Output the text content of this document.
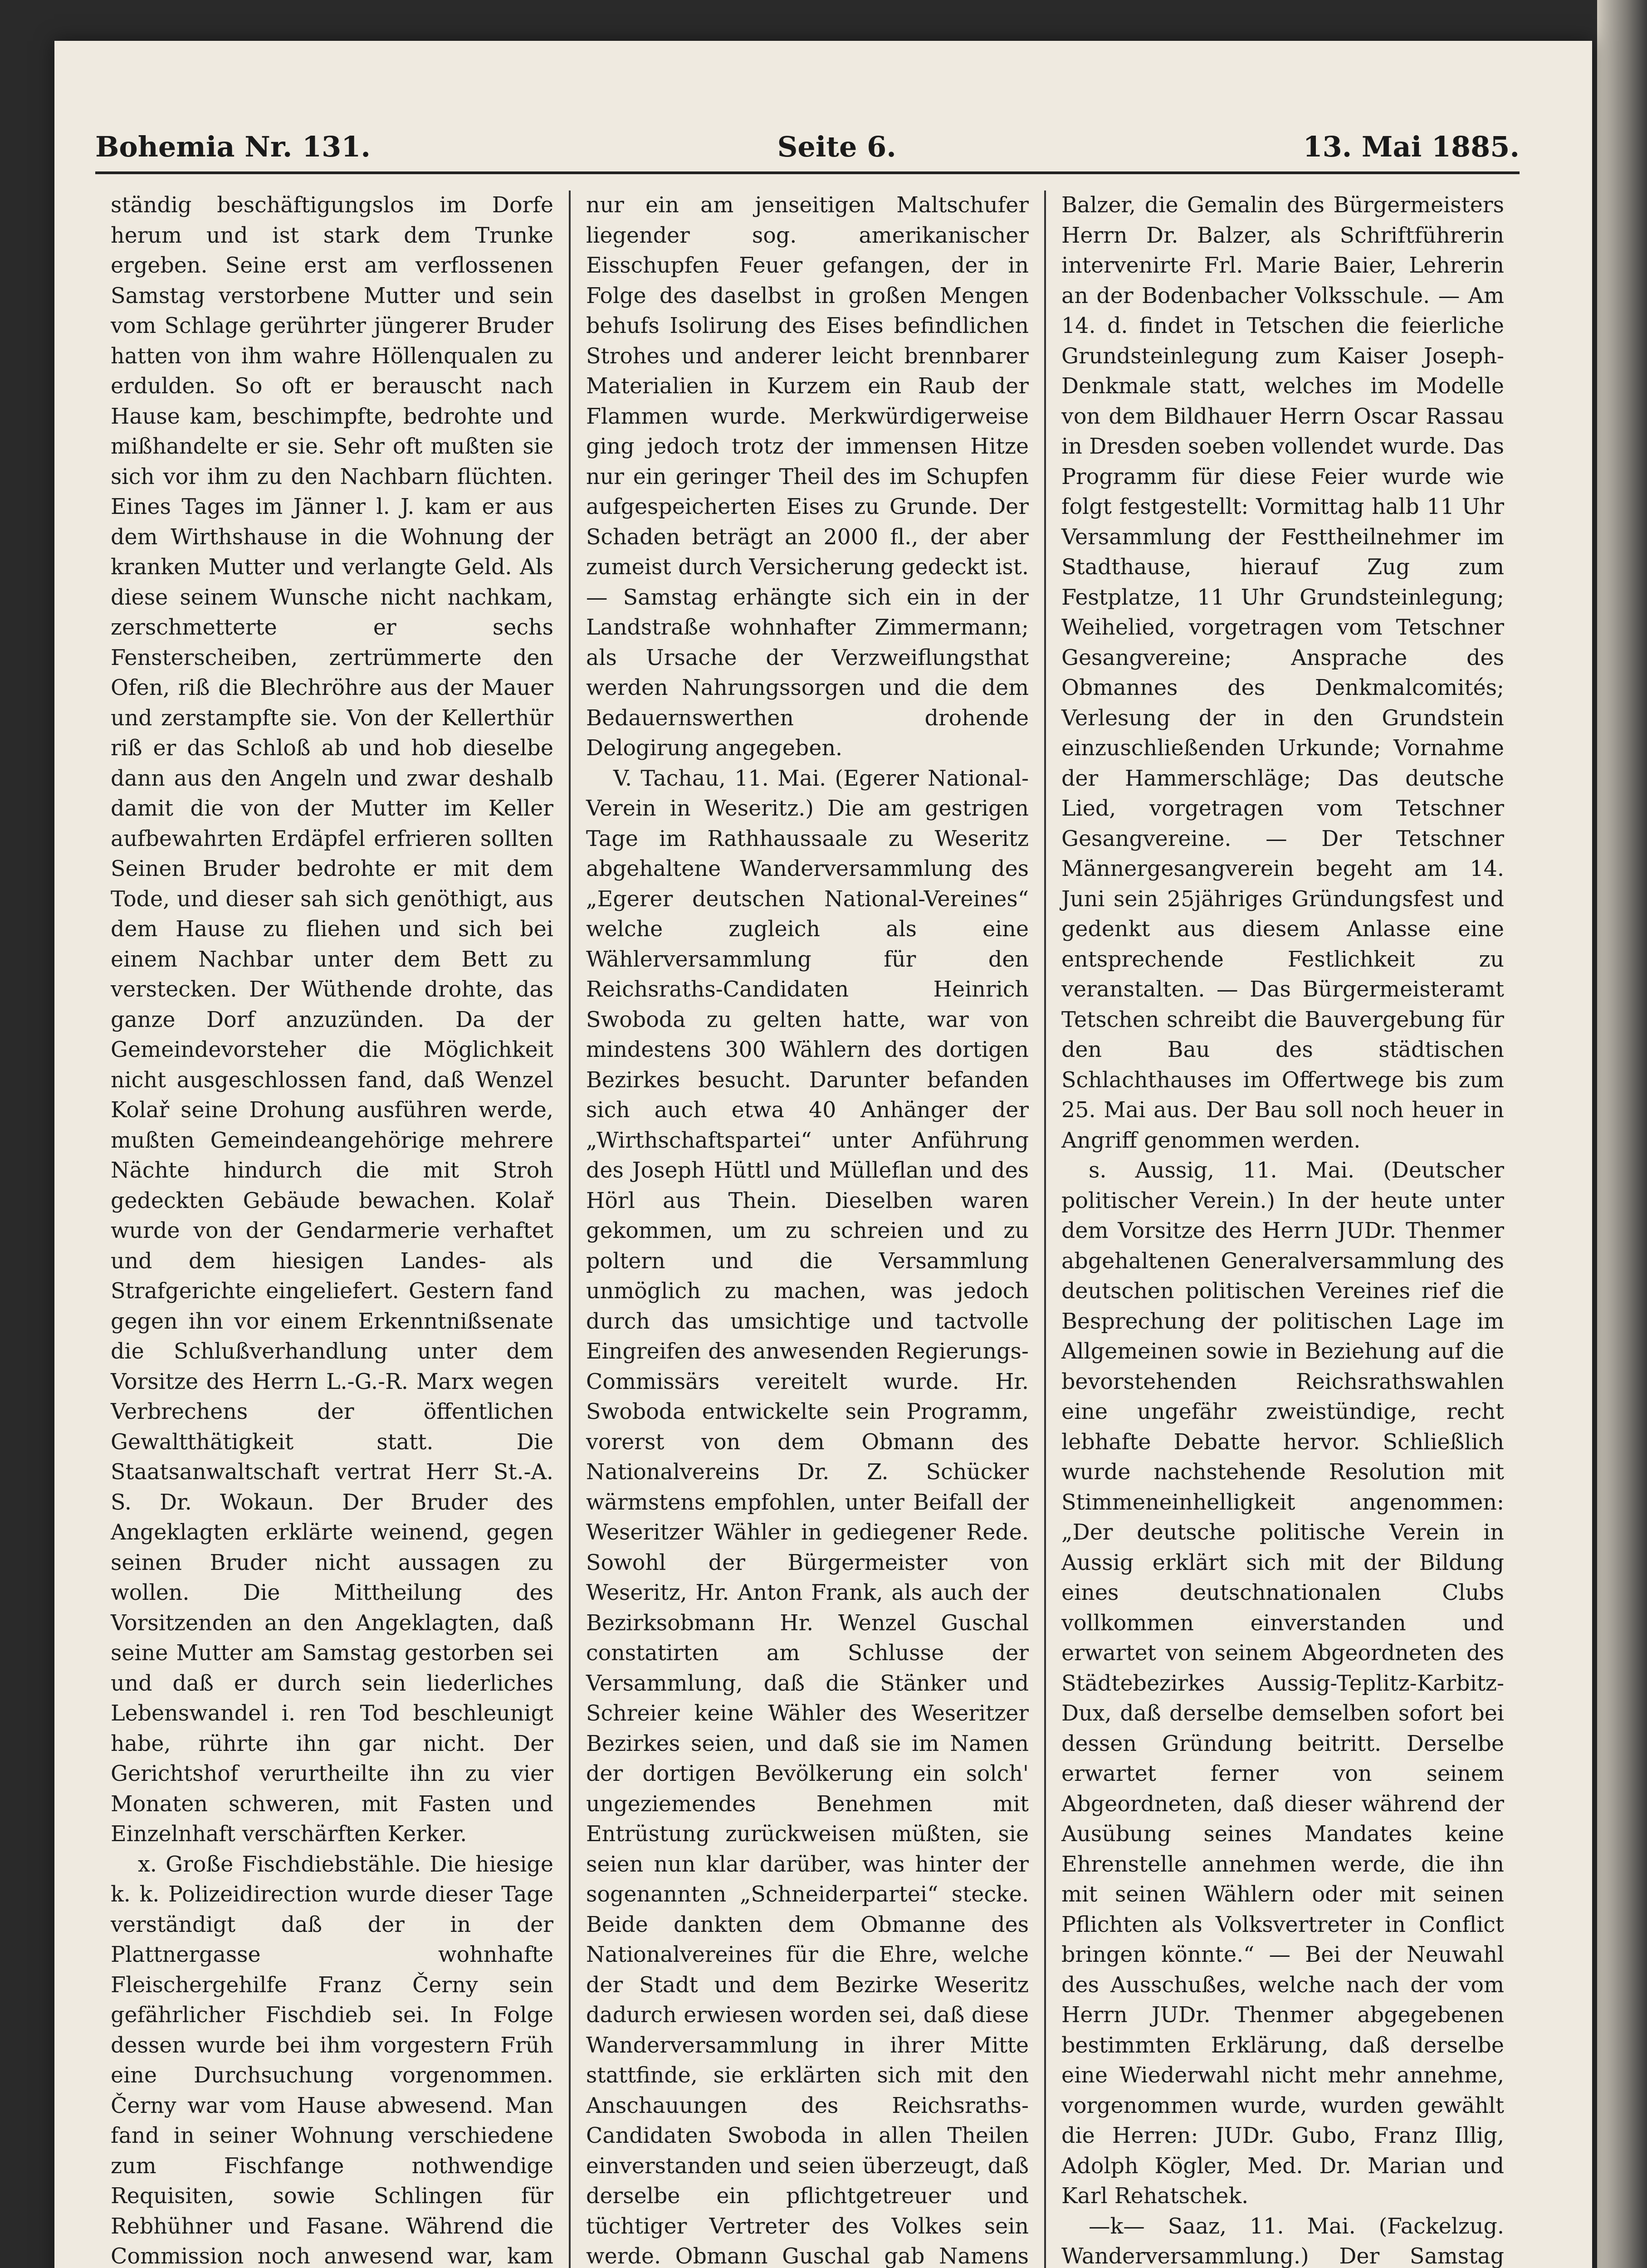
Bohemia Nr. 131.	Seite 6.	13. Mai 1885.

ständig beschäftigungslos im Dorfe herum und ist stark dem Trunke ergeben. Seine erst am verflossenen Samstag verstorbene Mutter und sein vom Schlage gerührter jüngerer Bruder hatten von ihm wahre Höllenqualen zu erdulden. So oft er berauscht nach Hause kam, beschimpfte, bedrohte und mißhandelte er sie. Sehr oft mußten sie sich vor ihm zu den Nachbarn flüchten. Eines Tages im Jänner l. J. kam er aus dem Wirthshause in die Wohnung der kranken Mutter und verlangte Geld. Als diese seinem Wunsche nicht nachkam, zerschmetterte er sechs Fensterscheiben, zertrümmerte den Ofen, riß die Blechröhre aus der Mauer und zerstampfte sie. Von der Kellerthür riß er das Schloß ab und hob dieselbe dann aus den Angeln und zwar deshalb damit die von der Mutter im Keller aufbewahrten Erdäpfel erfrieren sollten Seinen Bruder bedrohte er mit dem Tode, und dieser sah sich genöthigt, aus dem Hause zu fliehen und sich bei einem Nachbar unter dem Bett zu verstecken. Der Wüthende drohte, das ganze Dorf anzuzünden. Da der Gemeindevorsteher die Möglichkeit nicht ausgeschlossen fand, daß Wenzel Kolař seine Drohung ausführen werde, mußten Gemeindeangehörige mehrere Nächte hindurch die mit Stroh gedeckten Gebäude bewachen. Kolař wurde von der Gendarmerie verhaftet und dem hiesigen Landes- als Strafgerichte eingeliefert. Gestern fand gegen ihn vor einem Erkenntnißsenate die Schlußverhandlung unter dem Vorsitze des Herrn L.-G.-R. Marx wegen Verbrechens der öffentlichen Gewaltthätigkeit statt. Die Staatsanwaltschaft vertrat Herr St.-A. S. Dr. Wokaun. Der Bruder des Angeklagten erklärte weinend, gegen seinen Bruder nicht aussagen zu wollen. Die Mittheilung des Vorsitzenden an den Angeklagten, daß seine Mutter am Samstag gestorben sei und daß er durch sein liederliches Lebenswandel i. ren Tod beschleunigt habe, rührte ihn gar nicht. Der Gerichtshof verurtheilte ihn zu vier Monaten schweren, mit Fasten und Einzelnhaft verschärften Kerker.

x. Große Fischdiebstähle. Die hiesige k. k. Polizeidirection wurde dieser Tage verständigt daß der in der Plattnergasse wohnhafte Fleischergehilfe Franz Černy sein gefährlicher Fischdieb sei. In Folge dessen wurde bei ihm vorgestern Früh eine Durchsuchung vorgenommen. Černy war vom Hause abwesend. Man fand in seiner Wohnung verschiedene zum Fischfange nothwendige Requisiten, sowie Schlingen für Rebhühner und Fasane. Während die Commission noch anwesend war, kam

nur ein am jenseitigen Maltschufer liegender sog. amerikanischer Eisschupfen Feuer gefangen, der in Folge des daselbst in großen Mengen behufs Isolirung des Eises befindlichen Strohes und anderer leicht brennbarer Materialien in Kurzem ein Raub der Flammen wurde. Merkwürdigerweise ging jedoch trotz der immensen Hitze nur ein geringer Theil des im Schupfen aufgespeicherten Eises zu Grunde. Der Schaden beträgt an 2000 fl., der aber zumeist durch Versicherung gedeckt ist. — Samstag erhängte sich ein in der Landstraße wohnhafter Zimmermann; als Ursache der Verzweiflungsthat werden Nahrungssorgen und die dem Bedauernswerthen drohende Delogirung angegeben.

V. Tachau, 11. Mai. (Egerer National-Verein in Weseritz.) Die am gestrigen Tage im Rathhaussaale zu Weseritz abgehaltene Wanderversammlung des „Egerer deutschen National-Vereines“ welche zugleich als eine Wählerversammlung für den Reichsraths-Candidaten Heinrich Swoboda zu gelten hatte, war von mindestens 300 Wählern des dortigen Bezirkes besucht. Darunter befanden sich auch etwa 40 Anhänger der „Wirthschaftspartei“ unter Anführung des Joseph Hüttl und Mülleflan und des Hörl aus Thein. Dieselben waren gekommen, um zu schreien und zu poltern und die Versammlung unmöglich zu machen, was jedoch durch das umsichtige und tactvolle Eingreifen des anwesenden Regierungs-Commissärs vereitelt wurde. Hr. Swoboda entwickelte sein Programm, vorerst von dem Obmann des Nationalvereins Dr. Z. Schücker wärmstens empfohlen, unter Beifall der Weseritzer Wähler in gediegener Rede. Sowohl der Bürgermeister von Weseritz, Hr. Anton Frank, als auch der Bezirksobmann Hr. Wenzel Guschal constatirten am Schlusse der Versammlung, daß die Stänker und Schreier keine Wähler des Weseritzer Bezirkes seien, und daß sie im Namen der dortigen Bevölkerung ein solch' ungeziemendes Benehmen mit Entrüstung zurückweisen müßten, sie seien nun klar darüber, was hinter der sogenannten „Schneiderpartei“ stecke. Beide dankten dem Obmanne des Nationalvereines für die Ehre, welche der Stadt und dem Bezirke Weseritz dadurch erwiesen worden sei, daß diese Wanderversammlung in ihrer Mitte stattfinde, sie erklärten sich mit den Anschauungen des Reichsraths-Candidaten Swoboda in allen Theilen einverstanden und seien überzeugt, daß derselbe ein pflichtgetreuer und tüchtiger Vertreter des Volkes sein werde. Obmann Guschal gab Namens

Balzer, die Gemalin des Bürgermeisters Herrn Dr. Balzer, als Schriftführerin intervenirte Frl. Marie Baier, Lehrerin an der Bodenbacher Volksschule. — Am 14. d. findet in Tetschen die feierliche Grundsteinlegung zum Kaiser Joseph-Denkmale statt, welches im Modelle von dem Bildhauer Herrn Oscar Rassau in Dresden soeben vollendet wurde. Das Programm für diese Feier wurde wie folgt festgestellt: Vormittag halb 11 Uhr Versammlung der Festtheilnehmer im Stadthause, hierauf Zug zum Festplatze, 11 Uhr Grundsteinlegung; Weihelied, vorgetragen vom Tetschner Gesangvereine; Ansprache des Obmannes des Denkmalcomités; Verlesung der in den Grundstein einzuschließenden Urkunde; Vornahme der Hammerschläge; Das deutsche Lied, vorgetragen vom Tetschner Gesangvereine. — Der Tetschner Männergesangverein begeht am 14. Juni sein 25jähriges Gründungsfest und gedenkt aus diesem Anlasse eine entsprechende Festlichkeit zu veranstalten. — Das Bürgermeisteramt Tetschen schreibt die Bauvergebung für den Bau des städtischen Schlachthauses im Offertwege bis zum 25. Mai aus. Der Bau soll noch heuer in Angriff genommen werden.

s. Aussig, 11. Mai. (Deutscher politischer Verein.) In der heute unter dem Vorsitze des Herrn JUDr. Thenmer abgehaltenen Generalversammlung des deutschen politischen Vereines rief die Besprechung der politischen Lage im Allgemeinen sowie in Beziehung auf die bevorstehenden Reichsrathswahlen eine ungefähr zweistündige, recht lebhafte Debatte hervor. Schließlich wurde nachstehende Resolution mit Stimmeneinhelligkeit angenommen: „Der deutsche politische Verein in Aussig erklärt sich mit der Bildung eines deutschnationalen Clubs vollkommen einverstanden und erwartet von seinem Abgeordneten des Städtebezirkes Aussig-Teplitz-Karbitz-Dux, daß derselbe demselben sofort bei dessen Gründung beitritt. Derselbe erwartet ferner von seinem Abgeordneten, daß dieser während der Ausübung seines Mandates keine Ehrenstelle annehmen werde, die ihn mit seinen Wählern oder mit seinen Pflichten als Volksvertreter in Conflict bringen könnte.“ — Bei der Neuwahl des Ausschußes, welche nach der vom Herrn JUDr. Thenmer abgegebenen bestimmten Erklärung, daß derselbe eine Wiederwahl nicht mehr annehme, vorgenommen wurde, wurden gewählt die Herren: JUDr. Gubo, Franz Illig, Adolph Kögler, Med. Dr. Marian und Karl Rehatschek.

—k— Saaz, 11. Mai. (Fackelzug. Wanderversammlung.) Der Samstag
